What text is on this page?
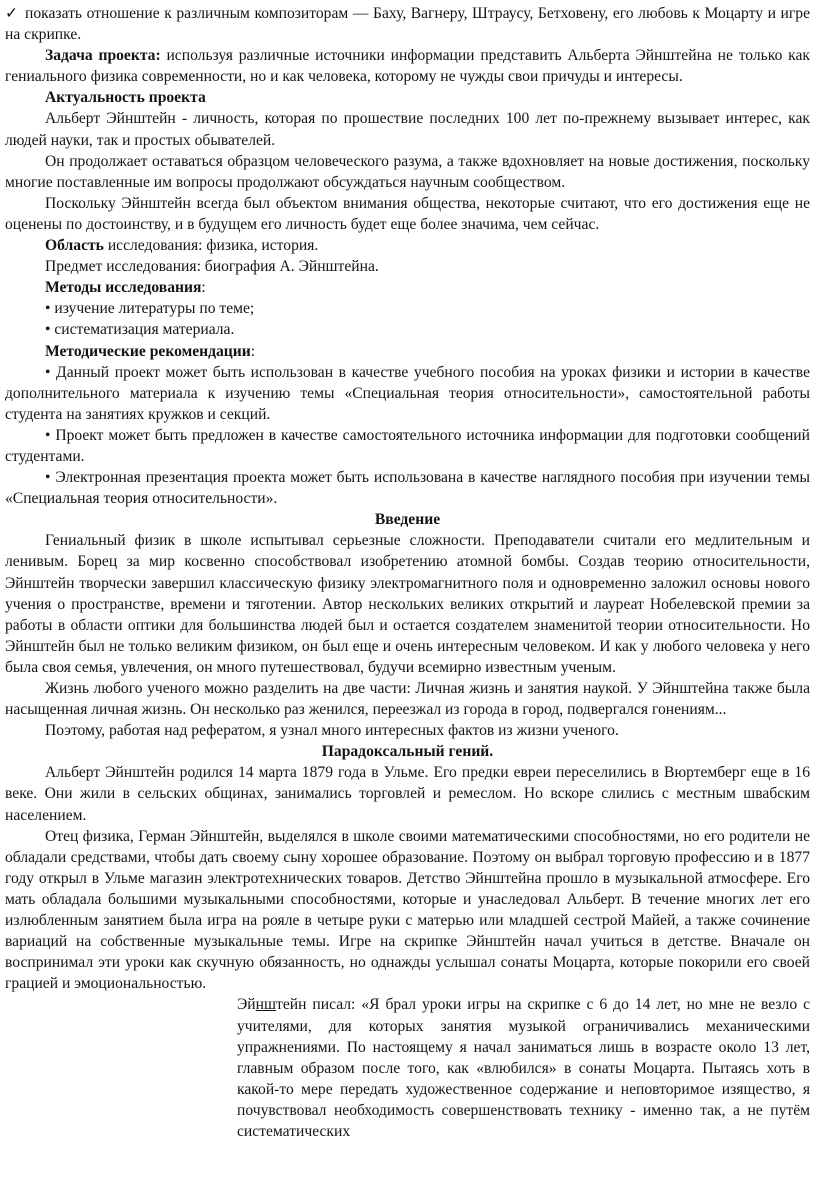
✓ показать отношение к различным композиторам — Баху, Вагнеру, Штраусу, Бетховену, его любовь к Моцарту и игре на скрипке.

Задача проекта: используя различные источники информации представить Альберта Эйнштейна не только как гениального физика современности, но и как человека, которому не чужды свои причуды и интересы.

Актуальность проекта

Альберт Эйнштейн - личность, которая по прошествие последних 100 лет по-прежнему вызывает интерес, как людей науки, так и простых обывателей.

Он продолжает оставаться образцом человеческого разума, а также вдохновляет на новые достижения, поскольку многие поставленные им вопросы продолжают обсуждаться научным сообществом.

Поскольку Эйнштейн всегда был объектом внимания общества, некоторые считают, что его достижения еще не оценены по достоинству, и в будущем его личность будет еще более значима, чем сейчас.

Область исследования: физика, история.

Предмет исследования: биография А. Эйнштейна.

Методы исследования:

• изучение литературы по теме;

• систематизация материала.

Методические рекомендации:

• Данный проект может быть использован в качестве учебного пособия на уроках физики и истории в качестве дополнительного материала к изучению темы «Специальная теория относительности», самостоятельной работы студента на занятиях кружков и секций.

• Проект может быть предложен в качестве самостоятельного источника информации для подготовки сообщений студентами.

• Электронная презентация проекта может быть использована в качестве наглядного пособия при изучении темы «Специальная теория относительности».

Введение

Гениальный физик в школе испытывал серьезные сложности. Преподаватели считали его медлительным и ленивым. Борец за мир косвенно способствовал изобретению атомной бомбы. Создав теорию относительности, Эйнштейн творчески завершил классическую физику электромагнитного поля и одновременно заложил основы нового учения о пространстве, времени и тяготении. Автор нескольких великих открытий и лауреат Нобелевской премии за работы в области оптики для большинства людей был и остается создателем знаменитой теории относительности. Но Эйнштейн был не только великим физиком, он был еще и очень интересным человеком. И как у любого человека у него была своя семья, увлечения, он много путешествовал, будучи всемирно известным ученым.

Жизнь любого ученого можно разделить на две части: Личная жизнь и занятия наукой. У Эйнштейна также была насыщенная личная жизнь. Он несколько раз женился, переезжал из города в город, подвергался гонениям...

Поэтому, работая над рефератом, я узнал много интересных фактов из жизни ученого.

Парадоксальный гений.

Альберт Эйнштейн родился 14 марта 1879 года в Ульме. Его предки евреи переселились в Вюртемберг еще в 16 веке. Они жили в сельских общинах, занимались торговлей и ремеслом. Но вскоре слились с местным швабским населением.

Отец физика, Герман Эйнштейн, выделялся в школе своими математическими способностями, но его родители не обладали средствами, чтобы дать своему сыну хорошее образование. Поэтому он выбрал торговую профессию и в 1877 году открыл в Ульме магазин электротехнических товаров. Детство Эйнштейна прошло в музыкальной атмосфере. Его мать обладала большими музыкальными способностями, которые и унаследовал Альберт. В течение многих лет его излюбленным занятием была игра на рояле в четыре руки с матерью или младшей сестрой Майей, а также сочинение вариаций на собственные музыкальные темы. Игре на скрипке Эйнштейн начал учиться в детстве. Вначале он воспринимал эти уроки как скучную обязанность, но однажды услышал сонаты Моцарта, которые покорили его своей грацией и эмоциональностью.

Эйнштейн писал: «Я брал уроки игры на скрипке с 6 до 14 лет, но мне не везло с учителями, для которых занятия музыкой ограничивались механическими упражнениями. По настоящему я начал заниматься лишь в возрасте около 13 лет, главным образом после того, как «влюбился» в сонаты Моцарта. Пытаясь хоть в какой-то мере передать художественное содержание и неповторимое изящество, я почувствовал необходимость совершенствовать технику - именно так, а не путём систематических
